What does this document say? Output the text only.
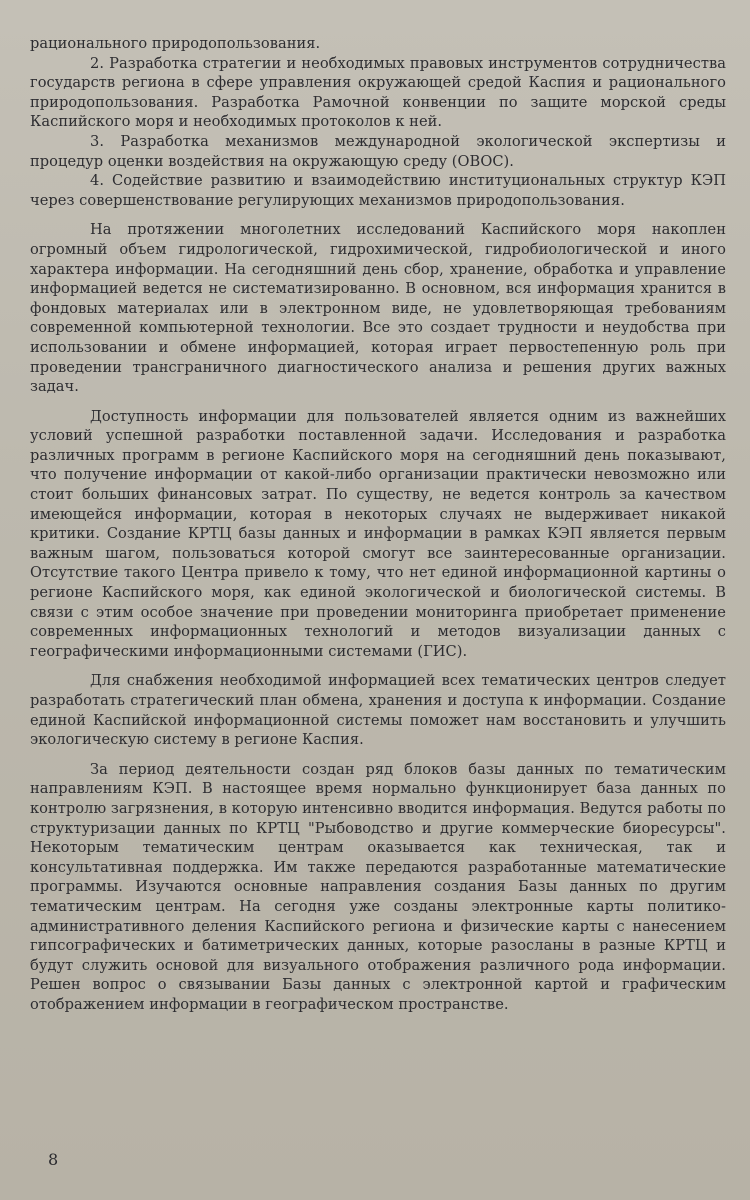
рационального природопользования.

2. Разработка стратегии и необходимых правовых инструментов сотрудничества государств региона в сфере управления окружающей средой Каспия и рационального природопользования. Разработка Рамочной конвенции по защите морской среды Каспийского моря и необходимых протоколов к ней.

3. Разработка механизмов международной экологической экспертизы и процедур оценки воздействия на окружающую среду (ОВОС).

4. Содействие развитию и взаимодействию институциональных структур КЭП через совершенствование регулирующих механизмов природопользования.

На протяжении многолетних исследований Каспийского моря накоплен огромный объем гидрологической, гидрохимической, гидробиологической и иного характера информации. На сегодняшний день сбор, хранение, обработка и управление информацией ведется не систематизированно. В основном, вся информация хранится в фондовых материалах или в электронном виде, не удовлетворяющая требованиям современной компьютерной технологии. Все это создает трудности и неудобства при использовании и обмене информацией, которая играет первостепенную роль при проведении трансграничного диагностического анализа и решения других важных задач.

Доступность информации для пользователей является одним из важнейших условий успешной разработки поставленной задачи. Исследования и разработка различных программ в регионе Каспийского моря на сегодняшний день показывают, что получение информации от какой-либо организации практически невозможно или стоит больших финансовых затрат. По существу, не ведется контроль за качеством имеющейся информации, которая в некоторых случаях не выдерживает никакой критики. Создание КРТЦ базы данных и информации в рамках КЭП является первым важным шагом, пользоваться которой смогут все заинтересованные организации. Отсутствие такого Центра привело к тому, что нет единой информационной картины о регионе Каспийского моря, как единой экологической и биологической системы. В связи с этим особое значение при проведении мониторинга приобретает применение современных информационных технологий и методов визуализации данных с географическими информационными системами (ГИС).

Для снабжения необходимой информацией всех тематических центров следует разработать стратегический план обмена, хранения и доступа к информации. Создание единой Каспийской информационной системы поможет нам восстановить и улучшить экологическую систему в регионе Каспия.

За период деятельности создан ряд блоков базы данных по тематическим направлениям КЭП. В настоящее время нормально функционирует база данных по контролю загрязнения, в которую интенсивно вводится информация. Ведутся работы по структуризации данных по КРТЦ "Рыбоводство и другие коммерческие биоресурсы". Некоторым тематическим центрам оказывается как техническая, так и консультативная поддержка. Им также передаются разработанные математические программы. Изучаются основные направления создания Базы данных по другим тематическим центрам. На сегодня уже созданы электронные карты политико-административного деления Каспийского региона и физические карты с нанесением гипсографических и батиметрических данных, которые разосланы в разные КРТЦ и будут служить основой для визуального отображения различного рода информации. Решен вопрос о связывании Базы данных с электронной картой и графическим отображением информации в географическом пространстве.

8
